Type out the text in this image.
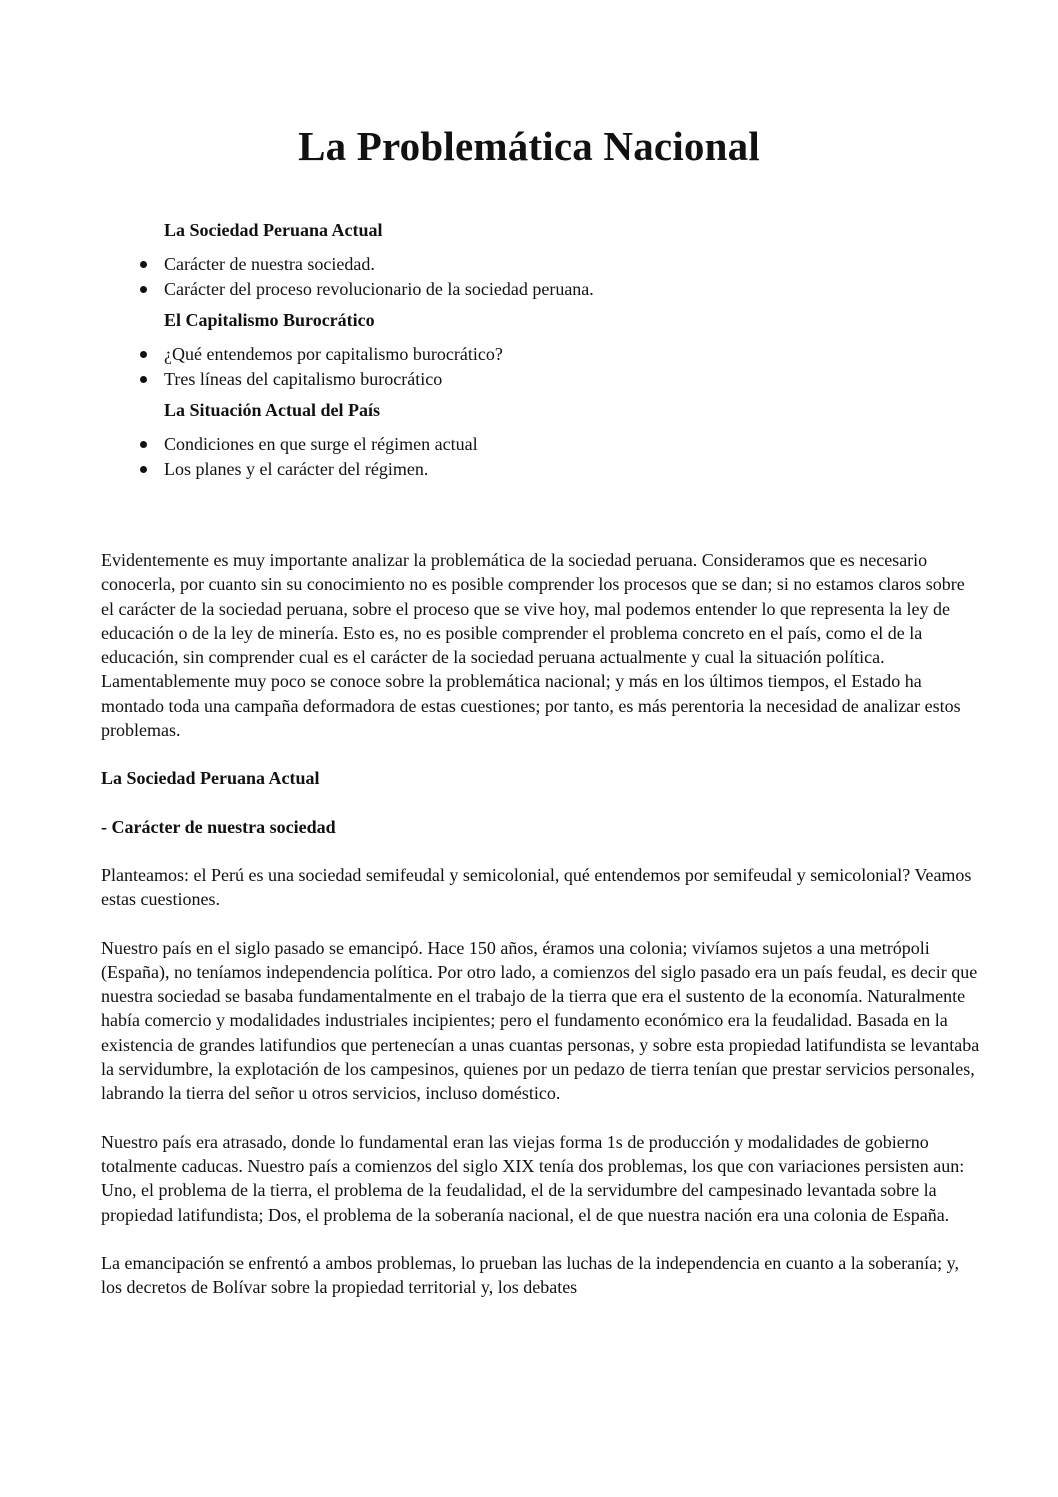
La Problemática Nacional
La Sociedad Peruana Actual
Carácter de nuestra sociedad.
Carácter del proceso revolucionario de la sociedad peruana.
El Capitalismo Burocrático
¿Qué entendemos por capitalismo burocrático?
Tres líneas del capitalismo burocrático
La Situación Actual del País
Condiciones en que surge el régimen actual
Los planes y el carácter del régimen.

Evidentemente es muy importante analizar la problemática de la sociedad peruana. Consideramos que es necesario conocerla, por cuanto sin su conocimiento no es posible comprender los procesos que se dan; si no estamos claros sobre el carácter de la sociedad peruana, sobre el proceso que se vive hoy, mal podemos entender lo que representa la ley de educación o de la ley de minería. Esto es, no es posible comprender el problema concreto en el país, como el de la educación, sin comprender cual es el carácter de la sociedad peruana actualmente y cual la situación política. Lamentablemente muy poco se conoce sobre la problemática nacional; y más en los últimos tiempos, el Estado ha montado toda una campaña deformadora de estas cuestiones; por tanto, es más perentoria la necesidad de analizar estos problemas.

La Sociedad Peruana Actual
- Carácter de nuestra sociedad

Planteamos: el Perú es una sociedad semifeudal y semicolonial, qué entendemos por semifeudal y semicolonial? Veamos estas cuestiones.

Nuestro país en el siglo pasado se emancipó. Hace 150 años, éramos una colonia; vivíamos sujetos a una metrópoli (España), no teníamos independencia política. Por otro lado, a comienzos del siglo pasado era un país feudal, es decir que nuestra sociedad se basaba fundamentalmente en el trabajo de la tierra que era el sustento de la economía. Naturalmente había comercio y modalidades industriales incipientes; pero el fundamento económico era la feudalidad. Basada en la existencia de grandes latifundios que pertenecían a unas cuantas personas, y sobre esta propiedad latifundista se levantaba la servidumbre, la explotación de los campesinos, quienes por un pedazo de tierra tenían que prestar servicios personales, labrando la tierra del señor u otros servicios, incluso doméstico.

Nuestro país era atrasado, donde lo fundamental eran las viejas forma 1s de producción y modalidades de gobierno totalmente caducas. Nuestro país a comienzos del siglo XIX tenía dos problemas, los que con variaciones persisten aun: Uno, el problema de la tierra, el problema de la feudalidad, el de la servidumbre del campesinado levantada sobre la propiedad latifundista; Dos, el problema de la soberanía nacional, el de que nuestra nación era una colonia de España.

La emancipación se enfrentó a ambos problemas, lo prueban las luchas de la independencia en cuanto a la soberanía; y, los decretos de Bolívar sobre la propiedad territorial y, los debates
